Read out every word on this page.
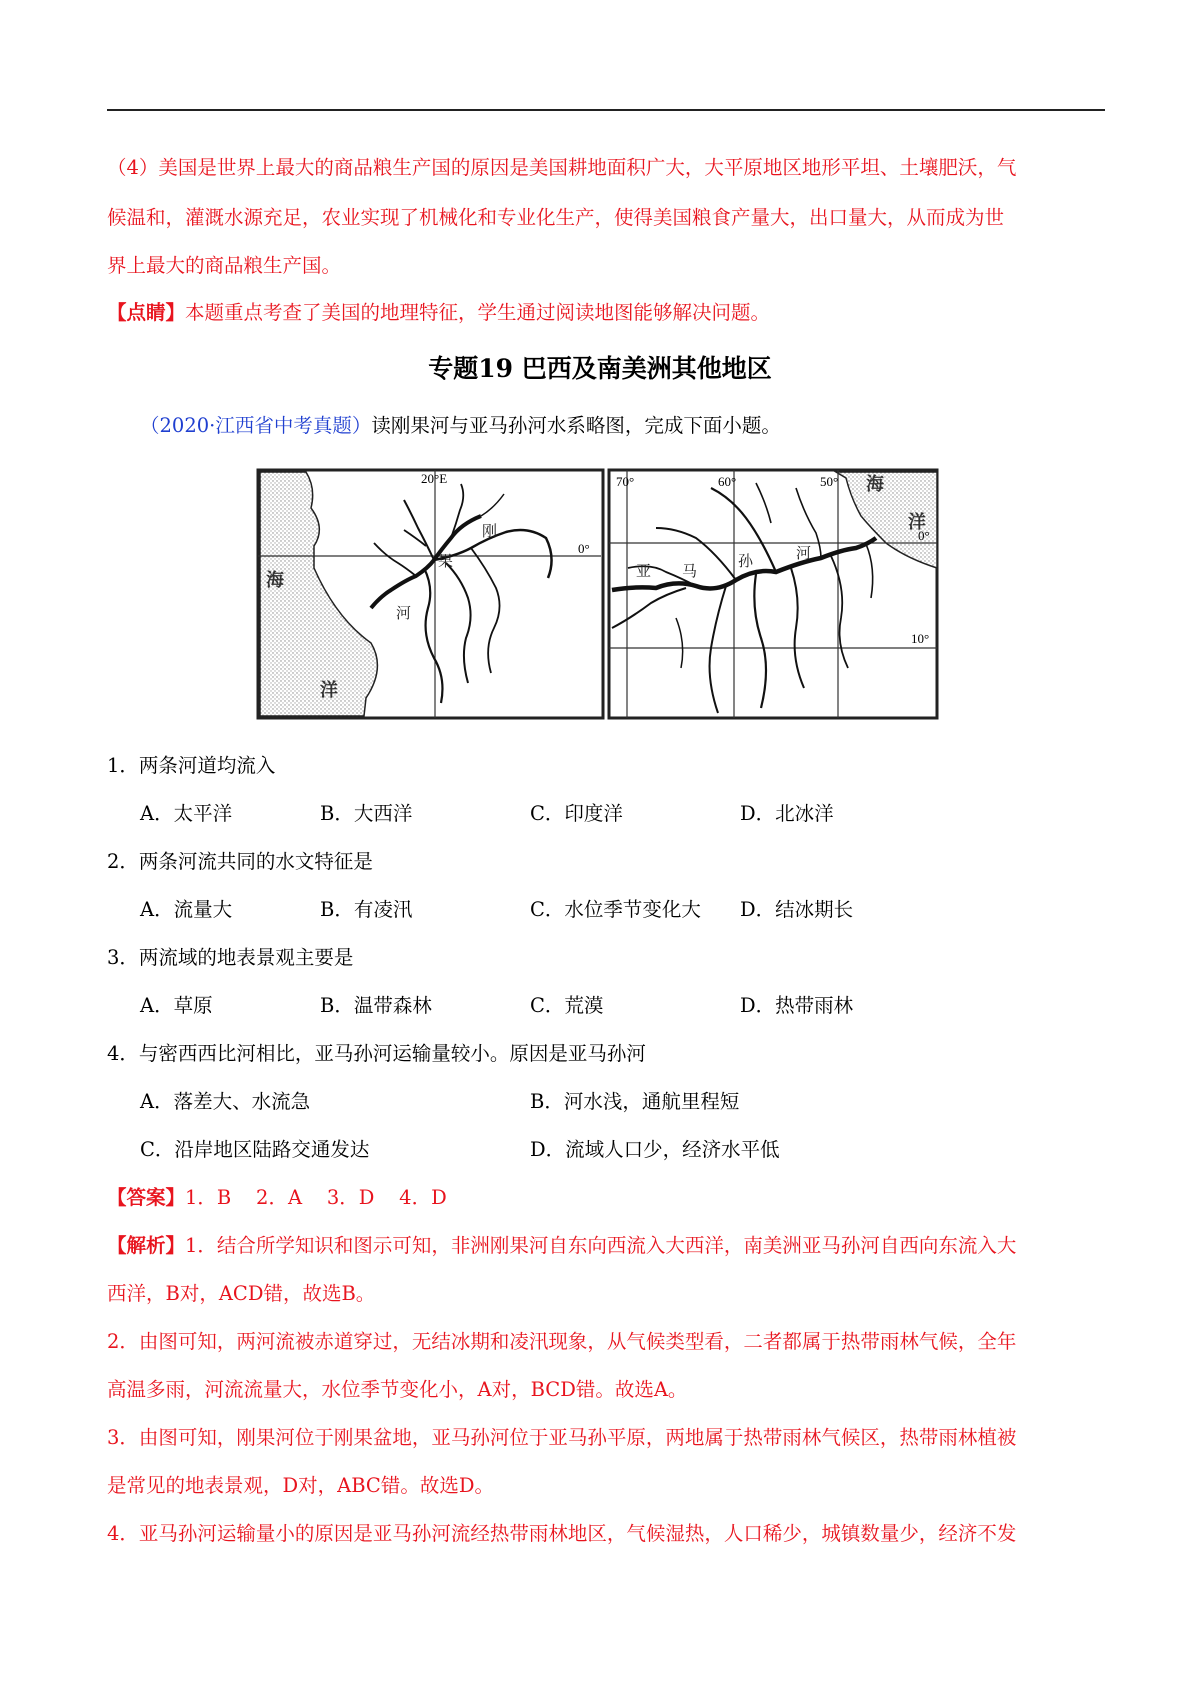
（4）美国是世界上最大的商品粮生产国的原因是美国耕地面积广大，大平原地区地形平坦、土壤肥沃，气
候温和，灌溉水源充足，农业实现了机械化和专业化生产，使得美国粮食产量大，出口量大，从而成为世
界上最大的商品粮生产国。
【点睛】本题重点考查了美国的地理特征，学生通过阅读地图能够解决问题。
专题19 巴西及南美洲其他地区
（2020·江西省中考真题）读刚果河与亚马孙河水系略图，完成下面小题。
20°E
0°
海
洋
刚
果
河
70°	60°	50°
0°
10°
海
洋
亚 马
孙	河
1．两条河道均流入
A．太平洋	B．大西洋	C．印度洋	D．北冰洋
2．两条河流共同的水文特征是
A．流量大	B．有凌汛	C．水位季节变化大 D．结冰期长
3．两流域的地表景观主要是
A．草原	B．温带森林	C．荒漠	D．热带雨林
4．与密西西比河相比，亚马孙河运输量较小。原因是亚马孙河
A．落差大、水流急	B．河水浅，通航里程短
C．沿岸地区陆路交通发达	D．流域人口少，经济水平低
【答案】1．B    2．A    3．D    4．D
【解析】1．结合所学知识和图示可知，非洲刚果河自东向西流入大西洋，南美洲亚马孙河自西向东流入大
西洋，B对，ACD错，故选B。
2．由图可知，两河流被赤道穿过，无结冰期和凌汛现象，从气候类型看，二者都属于热带雨林气候，全年
高温多雨，河流流量大，水位季节变化小，A对，BCD错。故选A。
3．由图可知，刚果河位于刚果盆地，亚马孙河位于亚马孙平原，两地属于热带雨林气候区，热带雨林植被
是常见的地表景观，D对，ABC错。故选D。
4．亚马孙河运输量小的原因是亚马孙河流经热带雨林地区，气候湿热，人口稀少，城镇数量少，经济不发
